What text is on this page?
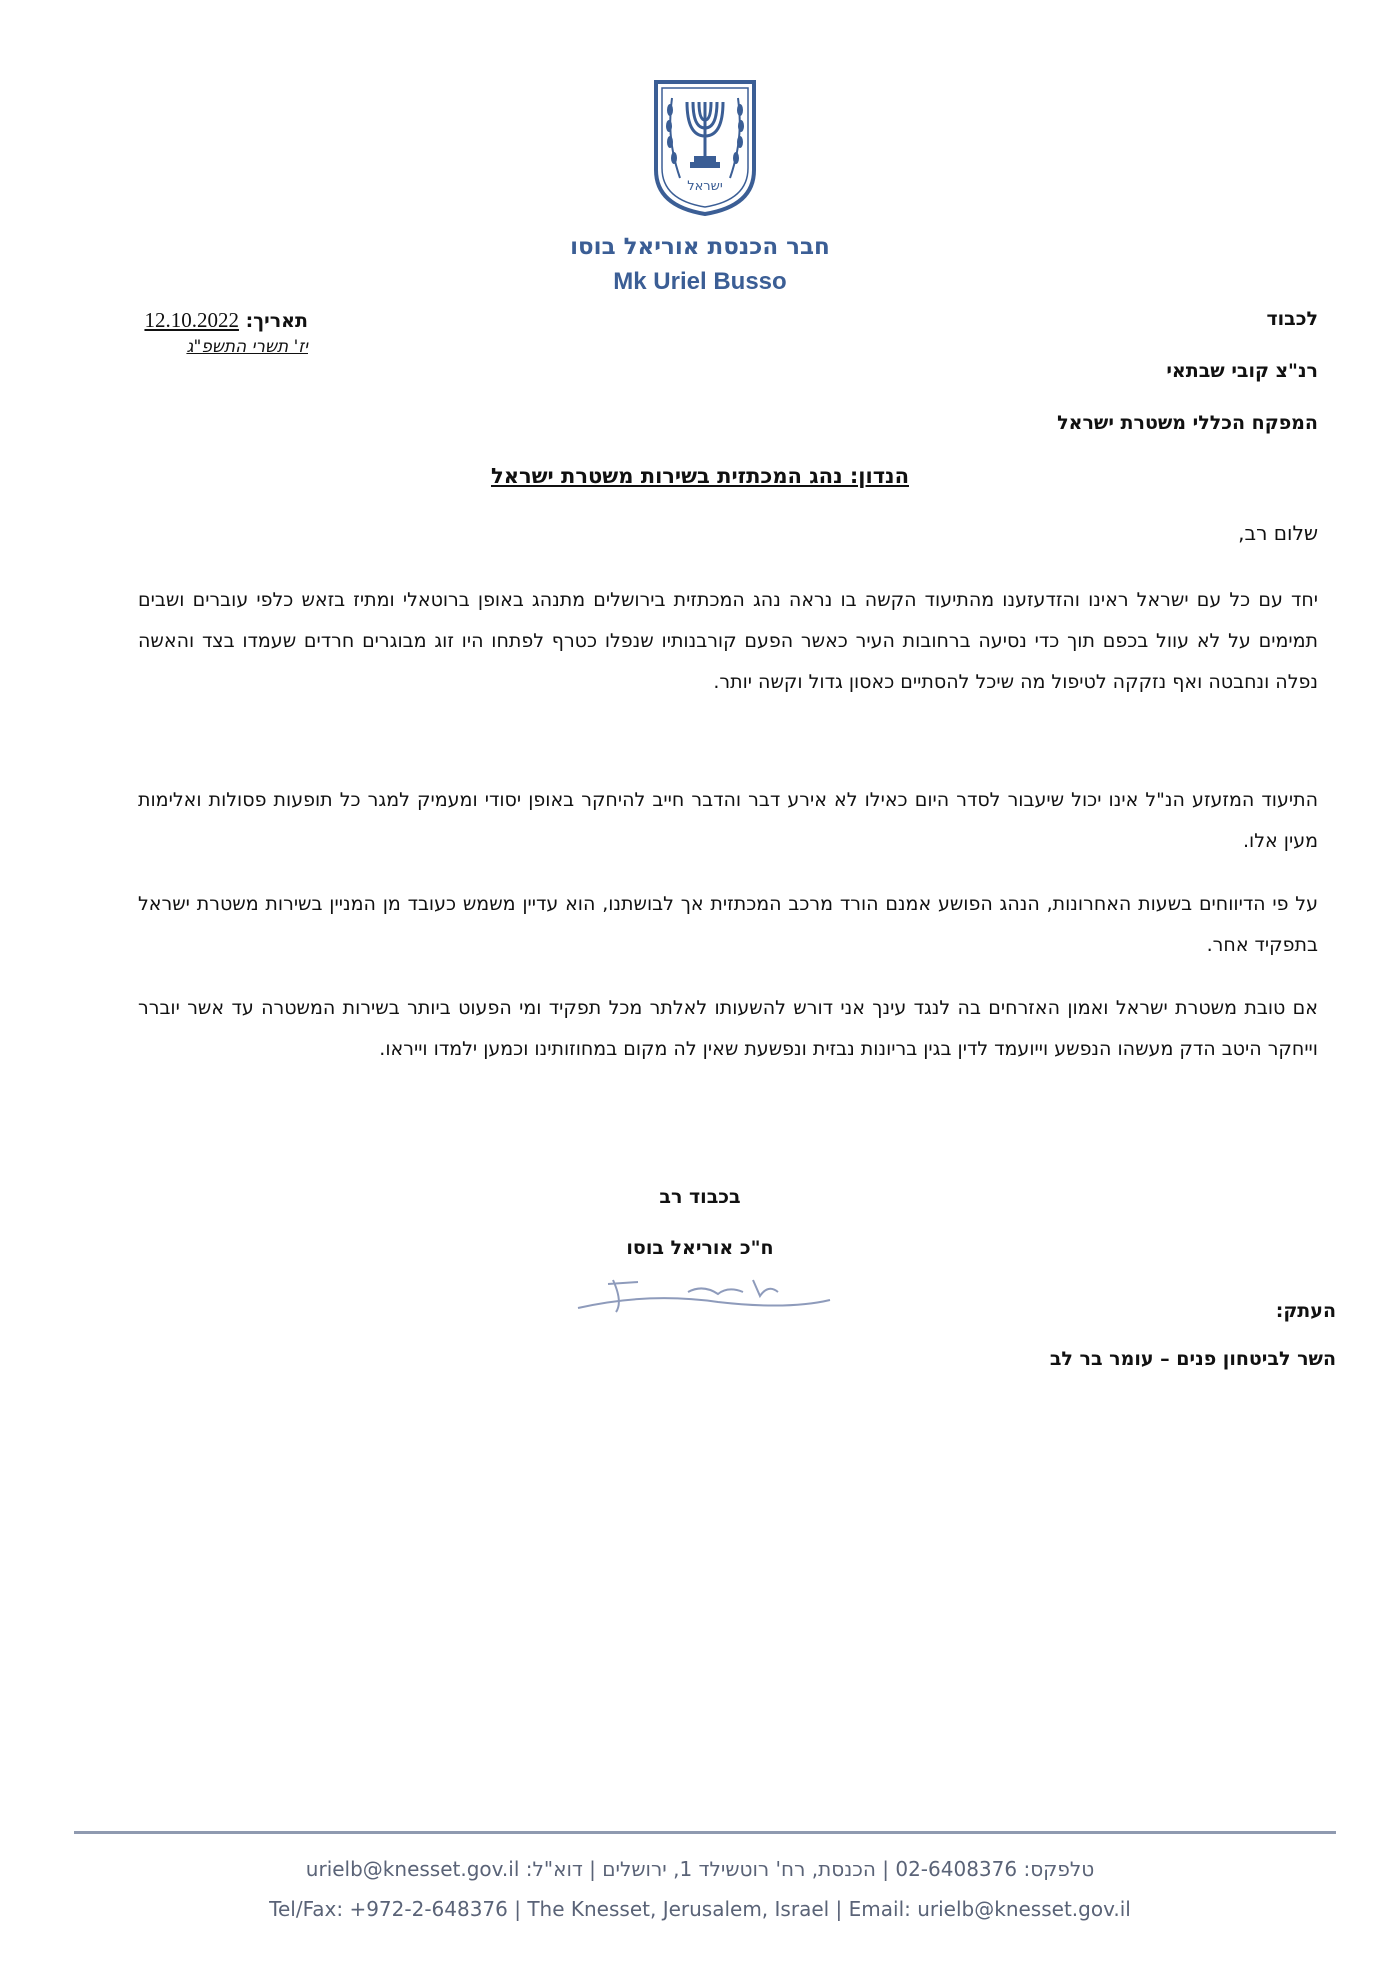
ישראל
חבר הכנסת אוריאל בוסו
Mk Uriel Busso
תאריך: 12.10.2022
יז' תשרי התשפ"ג
לכבוד
רנ"צ קובי שבתאי
המפקח הכללי משטרת ישראל
הנדון: נהג המכתזית בשירות משטרת ישראל
שלום רב,
יחד עם כל עם ישראל ראינו והזדעזענו מהתיעוד הקשה בו נראה נהג המכתזית בירושלים מתנהג באופן ברוטאלי ומתיז בזאש כלפי עוברים ושבים תמימים על לא עוול בכפם תוך כדי נסיעה ברחובות העיר כאשר הפעם קורבנותיו שנפלו כטרף לפתחו היו זוג מבוגרים חרדים שעמדו בצד והאשה נפלה ונחבטה ואף נזקקה לטיפול מה שיכל להסתיים כאסון גדול וקשה יותר.
התיעוד המזעזע הנ"ל אינו יכול שיעבור לסדר היום כאילו לא אירע דבר והדבר חייב להיחקר באופן יסודי ומעמיק למגר כל תופעות פסולות ואלימות מעין אלו.
על פי הדיווחים בשעות האחרונות, הנהג הפושע אמנם הורד מרכב המכתזית אך לבושתנו, הוא עדיין משמש כעובד מן המניין בשירות משטרת ישראל בתפקיד אחר.
אם טובת משטרת ישראל ואמון האזרחים בה לנגד עינך אני דורש להשעותו לאלתר מכל תפקיד ומי הפעוט ביותר בשירות המשטרה עד אשר יוברר וייחקר היטב הדק מעשהו הנפשע וייועמד לדין בגין בריונות נבזית ונפשעת שאין לה מקום במחוזותינו וכמען ילמדו וייראו.
בכבוד רב
ח"כ אוריאל בוסו
העתק:
השר לביטחון פנים – עומר בר לב
טלפקס: 02-6408376 | הכנסת, רח' רוטשילד 1, ירושלים | דוא"ל: urielb@knesset.gov.il
Tel/Fax: +972-2-648376 | The Knesset, Jerusalem, Israel | Email: urielb@knesset.gov.il
